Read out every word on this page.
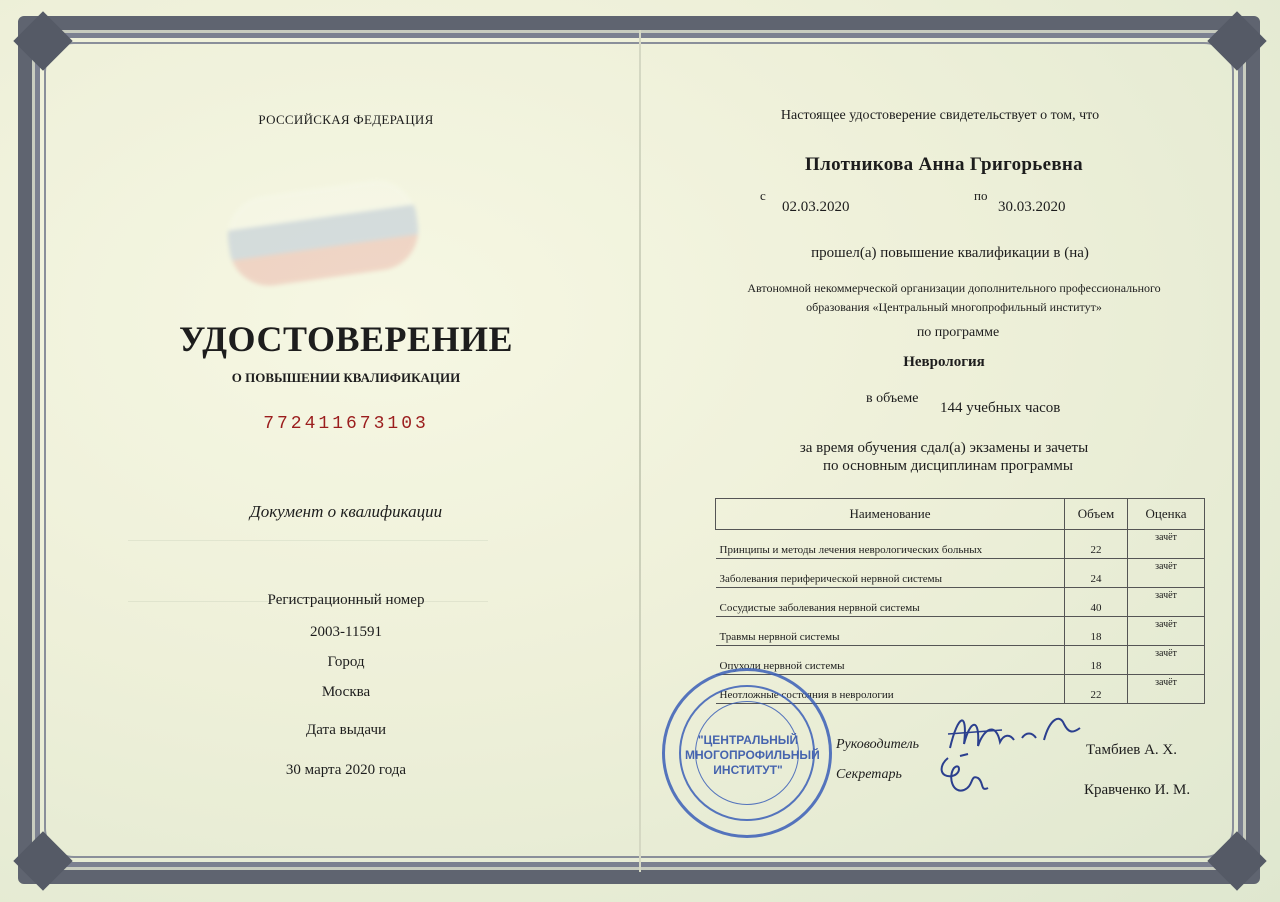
РОССИЙСКАЯ ФЕДЕРАЦИЯ
УДОСТОВЕРЕНИЕ
О ПОВЫШЕНИИ КВАЛИФИКАЦИИ
772411673103
Документ о квалификации
Регистрационный номер
2003-11591
Город
Москва
Дата выдачи
30 марта 2020 года
Настоящее удостоверение свидетельствует о том, что
Плотникова Анна Григорьевна
с
02.03.2020
по
30.03.2020
прошел(а) повышение квалификации в (на)
Автономной некоммерческой организации дополнительного профессионального
образования «Центральный многопрофильный институт»
по программе
Неврология
в объеме
144 учебных часов
за время обучения сдал(а) экзамены и зачеты
по основным дисциплинам программы
Наименование	Объем	Оценка
Принципы и методы лечения неврологических больных	22	зачёт
Заболевания периферической нервной системы	24	зачёт
Сосудистые заболевания нервной системы	40	зачёт
Травмы нервной системы	18	зачёт
Опухоли нервной системы	18	зачёт
Неотложные состояния в неврологии	22	зачёт
"ЦЕНТРАЛЬНЫЙ МНОГОПРОФИЛЬНЫЙ ИНСТИТУТ"
Руководитель	Тамбиев А. Х.
Секретарь
Кравченко И. М.
